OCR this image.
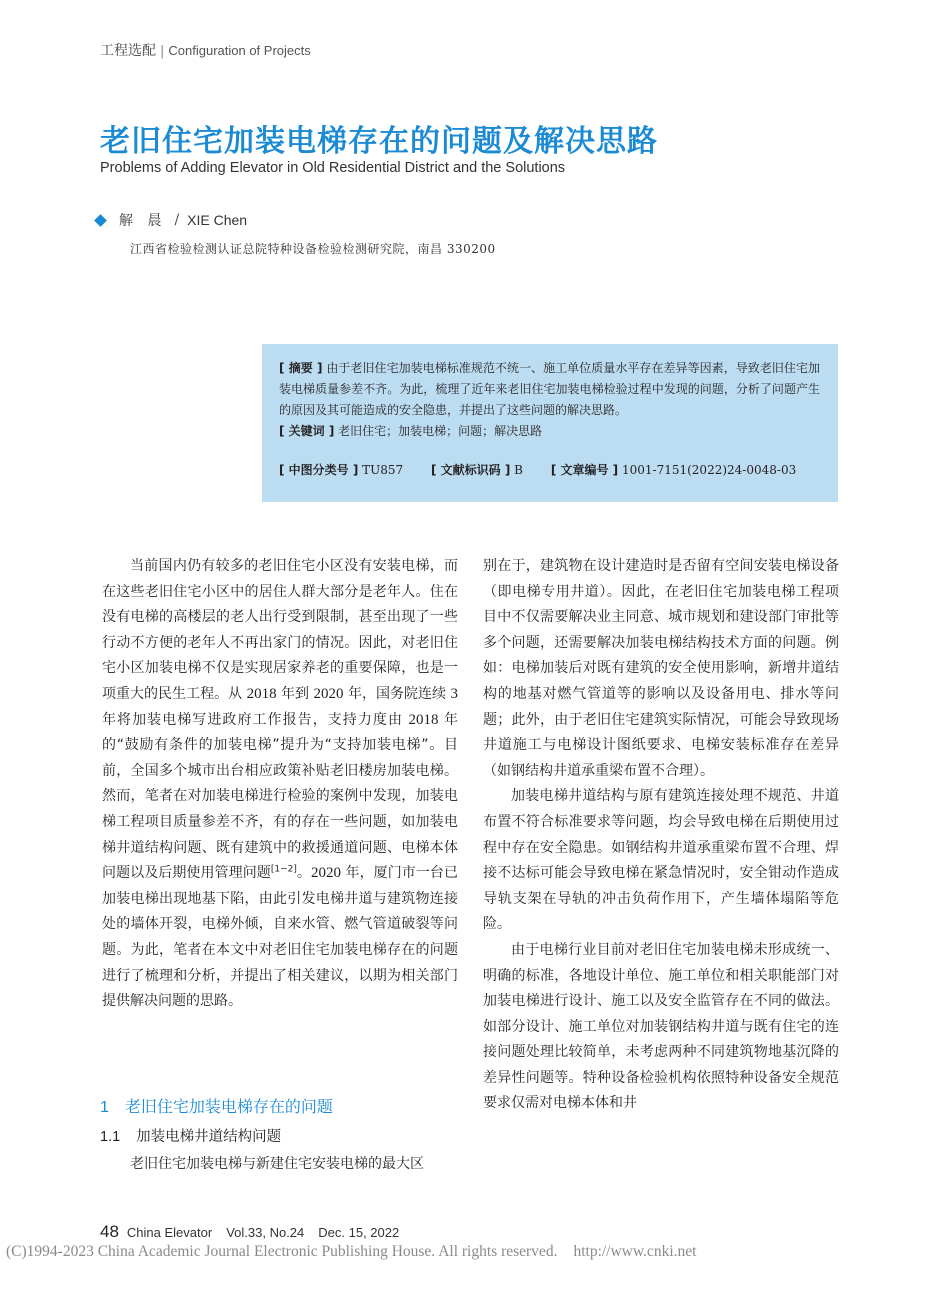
工程选配 | Configuration of Projects
老旧住宅加装电梯存在的问题及解决思路
Problems of Adding Elevator in Old Residential District and the Solutions
解 晨 / XIE Chen
江西省检验检测认证总院特种设备检验检测研究院，南昌 330200
[ 摘要 ] 由于老旧住宅加装电梯标准规范不统一、施工单位质量水平存在差异等因素，导致老旧住宅加装电梯质量参差不齐。为此，梳理了近年来老旧住宅加装电梯检验过程中发现的问题，分析了问题产生的原因及其可能造成的安全隐患，并提出了这些问题的解决思路。
[ 关键词 ] 老旧住宅；加装电梯；问题；解决思路
[ 中图分类号 ] TU857 [ 文献标识码 ] B [ 文章编号 ] 1001-7151(2022)24-0048-03

当前国内仍有较多的老旧住宅小区没有安装电梯，而在这些老旧住宅小区中的居住人群大部分是老年人。住在没有电梯的高楼层的老人出行受到限制，甚至出现了一些行动不方便的老年人不再出家门的情况。因此，对老旧住宅小区加装电梯不仅是实现居家养老的重要保障，也是一项重大的民生工程。从 2018 年到 2020 年，国务院连续 3 年将加装电梯写进政府工作报告，支持力度由 2018 年的“鼓励有条件的加装电梯”提升为“支持加装电梯”。目前，全国多个城市出台相应政策补贴老旧楼房加装电梯。然而，笔者在对加装电梯进行检验的案例中发现，加装电梯工程项目质量参差不齐，有的存在一些问题，如加装电梯井道结构问题、既有建筑中的救援通道问题、电梯本体问题以及后期使用管理问题[1−2]。2020 年，厦门市一台已加装电梯出现地基下陷，由此引发电梯井道与建筑物连接处的墙体开裂，电梯外倾，自来水管、燃气管道破裂等问题。为此，笔者在本文中对老旧住宅加装电梯存在的问题进行了梳理和分析，并提出了相关建议，以期为相关部门提供解决问题的思路。

1 老旧住宅加装电梯存在的问题
1.1 加装电梯井道结构问题

老旧住宅加装电梯与新建住宅安装电梯的最大区

别在于，建筑物在设计建造时是否留有空间安装电梯设备（即电梯专用井道）。因此，在老旧住宅加装电梯工程项目中不仅需要解决业主同意、城市规划和建设部门审批等多个问题，还需要解决加装电梯结构技术方面的问题。例如：电梯加装后对既有建筑的安全使用影响，新增井道结构的地基对燃气管道等的影响以及设备用电、排水等问题；此外，由于老旧住宅建筑实际情况，可能会导致现场井道施工与电梯设计图纸要求、电梯安装标准存在差异（如钢结构井道承重梁布置不合理）。

加装电梯井道结构与原有建筑连接处理不规范、井道布置不符合标准要求等问题，均会导致电梯在后期使用过程中存在安全隐患。如钢结构井道承重梁布置不合理、焊接不达标可能会导致电梯在紧急情况时，安全钳动作造成导轨支架在导轨的冲击负荷作用下，产生墙体塌陷等危险。

由于电梯行业目前对老旧住宅加装电梯未形成统一、明确的标准，各地设计单位、施工单位和相关职能部门对加装电梯进行设计、施工以及安全监管存在不同的做法。如部分设计、施工单位对加装钢结构井道与既有住宅的连接问题处理比较简单，未考虑两种不同建筑物地基沉降的差异性问题等。特种设备检验机构依照特种设备安全规范要求仅需对电梯本体和井

48 China Elevator Vol.33, No.24 Dec. 15, 2022
(C)1994-2023 China Academic Journal Electronic Publishing House. All rights reserved. http://www.cnki.net
